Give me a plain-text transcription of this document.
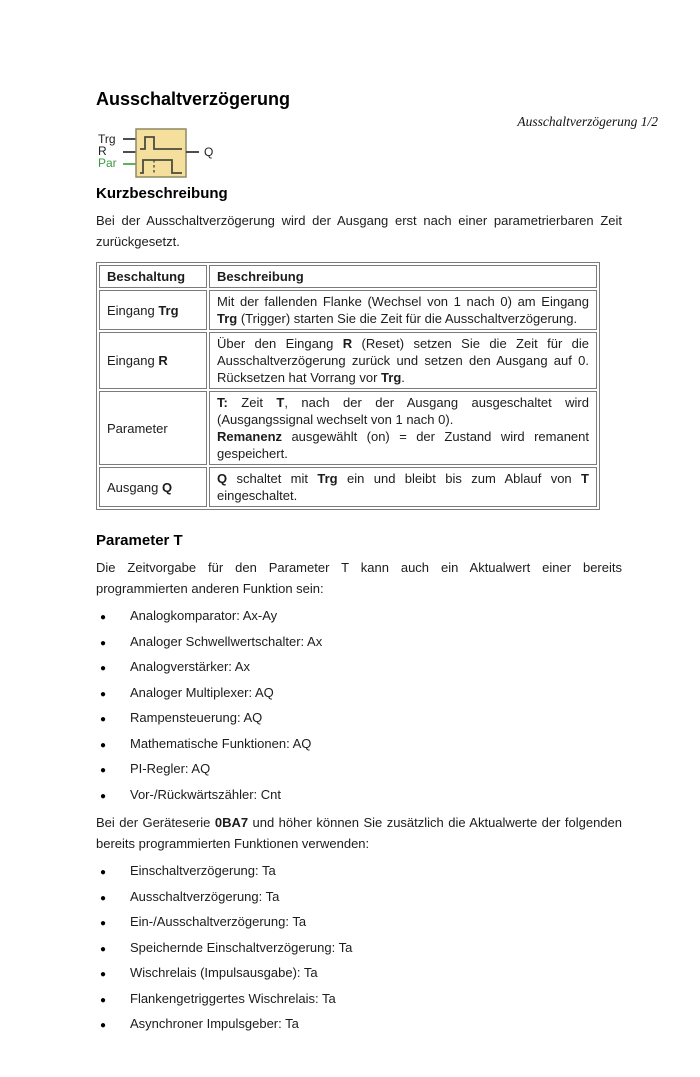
Ausschaltverzögerung 1/2
Ausschaltverzögerung
Trg
R
Par
Q
Kurzbeschreibung

Bei der Ausschaltverzögerung wird der Ausgang erst nach einer parametrierbaren Zeit zurückgesetzt.

Beschaltung	Beschreibung
Eingang Trg	Mit der fallenden Flanke (Wechsel von 1 nach 0) am Eingang Trg (Trigger) starten Sie die Zeit für die Ausschaltverzögerung.
Eingang R	Über den Eingang R (Reset) setzen Sie die Zeit für die Ausschaltverzögerung zurück und setzen den Ausgang auf 0. Rücksetzen hat Vorrang vor Trg.
Parameter	T: Zeit T, nach der der Ausgang ausgeschaltet wird (Ausgangssignal wechselt von 1 nach 0).
Remanenz ausgewählt (on) = der Zustand wird remanent gespeichert.
Ausgang Q	Q schaltet mit Trg ein und bleibt bis zum Ablauf von T eingeschaltet.
Parameter T

Die Zeitvorgabe für den Parameter T kann auch ein Aktualwert einer bereits programmierten anderen Funktion sein:

●	Analogkomparator: Ax-Ay
●	Analoger Schwellwertschalter: Ax
●	Analogverstärker: Ax
●	Analoger Multiplexer: AQ
●	Rampensteuerung: AQ
●	Mathematische Funktionen: AQ
●	PI-Regler: AQ
●	Vor-/Rückwärtszähler: Cnt

Bei der Geräteserie 0BA7 und höher können Sie zusätzlich die Aktualwerte der folgenden bereits programmierten Funktionen verwenden:

●	Einschaltverzögerung: Ta
●	Ausschaltverzögerung: Ta
●	Ein-/Ausschaltverzögerung: Ta
●	Speichernde Einschaltverzögerung: Ta
●	Wischrelais (Impulsausgabe): Ta
●	Flankengetriggertes Wischrelais: Ta
●	Asynchroner Impulsgeber: Ta
